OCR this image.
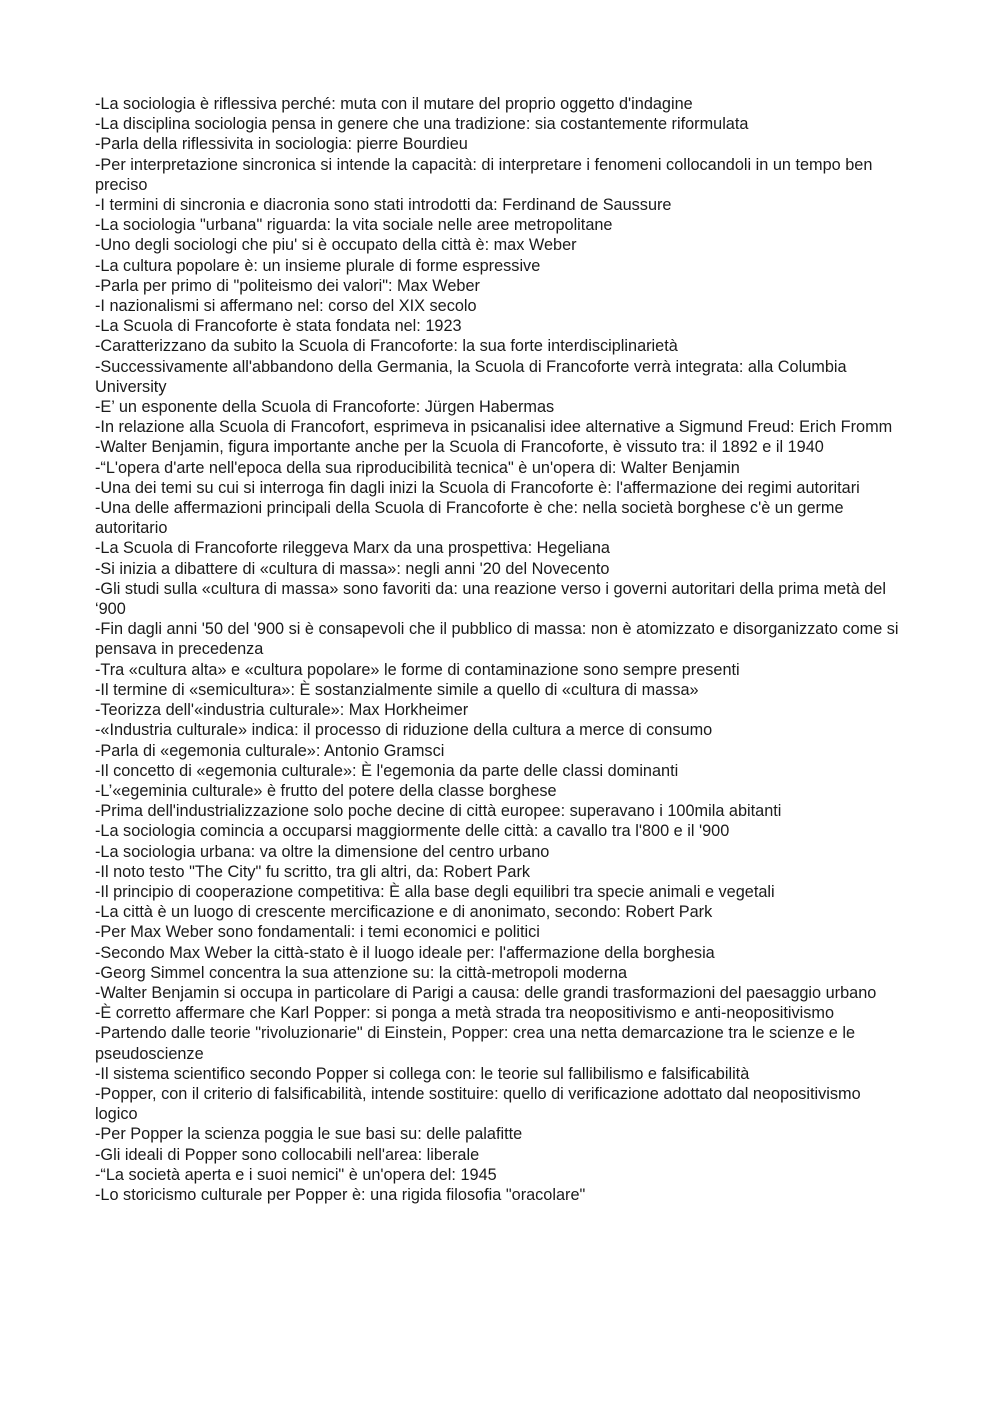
-La sociologia è riflessiva perché: muta con il mutare del proprio oggetto d'indagine
-La disciplina sociologia pensa in genere che una tradizione: sia costantemente riformulata
-Parla della riflessivita in sociologia: pierre Bourdieu
-Per interpretazione sincronica si intende la capacità: di interpretare i fenomeni collocandoli in un tempo ben preciso
-I termini di sincronia e diacronia sono stati introdotti da: Ferdinand de Saussure
-La sociologia "urbana" riguarda: la vita sociale nelle aree metropolitane
-Uno degli sociologi che piu' si è occupato della città è: max Weber
-La cultura popolare è: un insieme plurale di forme espressive
-Parla per primo di "politeismo dei valori": Max Weber
-I nazionalismi si affermano nel: corso del XIX secolo
-La Scuola di Francoforte è stata fondata nel: 1923
-Caratterizzano da subito la Scuola di Francoforte: la sua forte interdisciplinarietà
-Successivamente all'abbandono della Germania, la Scuola di Francoforte verrà integrata: alla Columbia University
-E’ un esponente della Scuola di Francoforte: Jürgen Habermas
-In relazione alla Scuola di Francofort, esprimeva in psicanalisi idee alternative a Sigmund Freud: Erich Fromm
-Walter Benjamin, figura importante anche per la Scuola di Francoforte, è vissuto tra: il 1892 e il 1940
-“L'opera d'arte nell'epoca della sua riproducibilità tecnica" è un'opera di: Walter Benjamin
-Una dei temi su cui si interroga fin dagli inizi la Scuola di Francoforte è: l'affermazione dei regimi autoritari
-Una delle affermazioni principali della Scuola di Francoforte è che: nella società borghese c'è un germe autoritario
-La Scuola di Francoforte rileggeva Marx da una prospettiva: Hegeliana
-Si inizia a dibattere di «cultura di massa»: negli anni '20 del Novecento
-Gli studi sulla «cultura di massa» sono favoriti da: una reazione verso i governi autoritari della prima metà del ‘900
-Fin dagli anni '50 del '900 si è consapevoli che il pubblico di massa: non è atomizzato e disorganizzato come si pensava in precedenza
-Tra «cultura alta» e «cultura popolare» le forme di contaminazione sono sempre presenti
-Il termine di «semicultura»: È sostanzialmente simile a quello di «cultura di massa»
-Teorizza dell'«industria culturale»: Max Horkheimer
-«Industria culturale» indica: il processo di riduzione della cultura a merce di consumo
-Parla di «egemonia culturale»: Antonio Gramsci
-Il concetto di «egemonia culturale»: È l'egemonia da parte delle classi dominanti
-L’«egeminia culturale» è frutto del potere della classe borghese
-Prima dell'industrializzazione solo poche decine di città europee: superavano i 100mila abitanti
-La sociologia comincia a occuparsi maggiormente delle città: a cavallo tra l'800 e il '900
-La sociologia urbana: va oltre la dimensione del centro urbano
-Il noto testo "The City" fu scritto, tra gli altri, da: Robert Park
-Il principio di cooperazione competitiva: È alla base degli equilibri tra specie animali e vegetali
-La città è un luogo di crescente mercificazione e di anonimato, secondo: Robert Park
-Per Max Weber sono fondamentali: i temi economici e politici
-Secondo Max Weber la città-stato è il luogo ideale per: l'affermazione della borghesia
-Georg Simmel concentra la sua attenzione su: la città-metropoli moderna
-Walter Benjamin si occupa in particolare di Parigi a causa: delle grandi trasformazioni del paesaggio urbano
-È corretto affermare che Karl Popper: si ponga a metà strada tra neopositivismo e anti-neopositivismo
-Partendo dalle teorie "rivoluzionarie" di Einstein, Popper: crea una netta demarcazione tra le scienze e le pseudoscienze
-Il sistema scientifico secondo Popper si collega con: le teorie sul fallibilismo e falsificabilità
-Popper, con il criterio di falsificabilità, intende sostituire: quello di verificazione adottato dal neopositivismo logico
-Per Popper la scienza poggia le sue basi su: delle palafitte
-Gli ideali di Popper sono collocabili nell'area: liberale
-“La società aperta e i suoi nemici" è un'opera del: 1945
-Lo storicismo culturale per Popper è: una rigida filosofia "oracolare"
